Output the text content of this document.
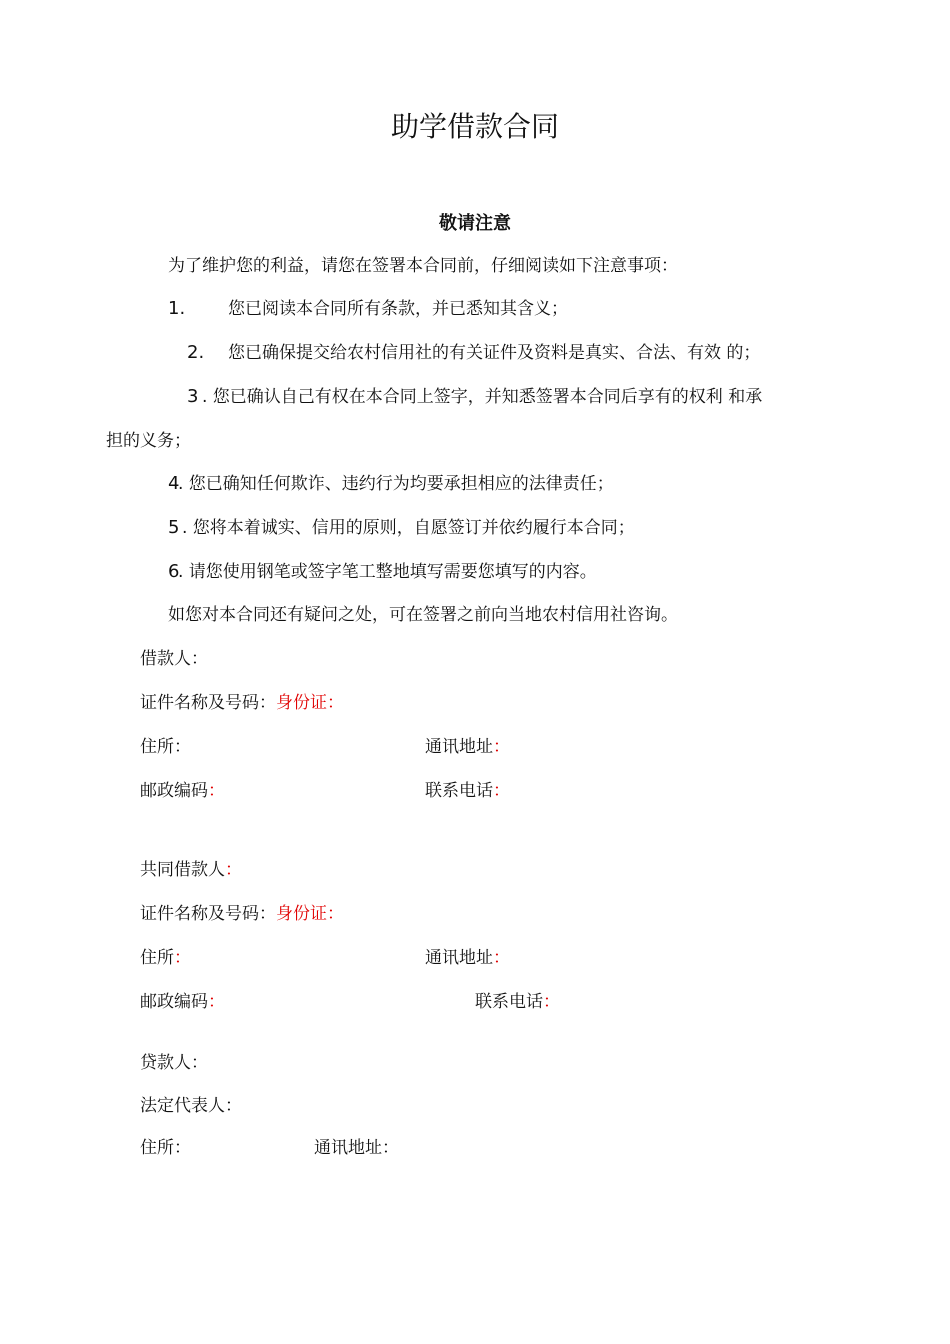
助学借款合同
敬请注意
为了维护您的利益，请您在签署本合同前，仔细阅读如下注意事项：
1.	您已阅读本合同所有条款，并已悉知其含义；
2. 您已确保提交给农村信用社的有关证件及资料是真实、合法、有效 的；
3 . 您已确认自己有权在本合同上签字，并知悉签署本合同后享有的权利 和承
担的义务；
4
. 您已确知任何欺诈、违约行为均要承担相应的法律责任；
5 . 您将本着诚实、信用的原则，自愿签订并依约履行本合同；
6
. 请您使用钢笔或签字笔工整地填写需要您填写的内容。
如您对本合同还有疑问之处，可在签署之前向当地农村信用社咨询。
借款人：
证件名称及号码：身份证：
住所：	通讯地址：
邮政编码：	联系电话：
共同借款人：
证件名称及号码：身份证：
住所：	通讯地址：
邮政编码：	联系电话：
贷款人：
法定代表人：
住所：	通讯地址：
